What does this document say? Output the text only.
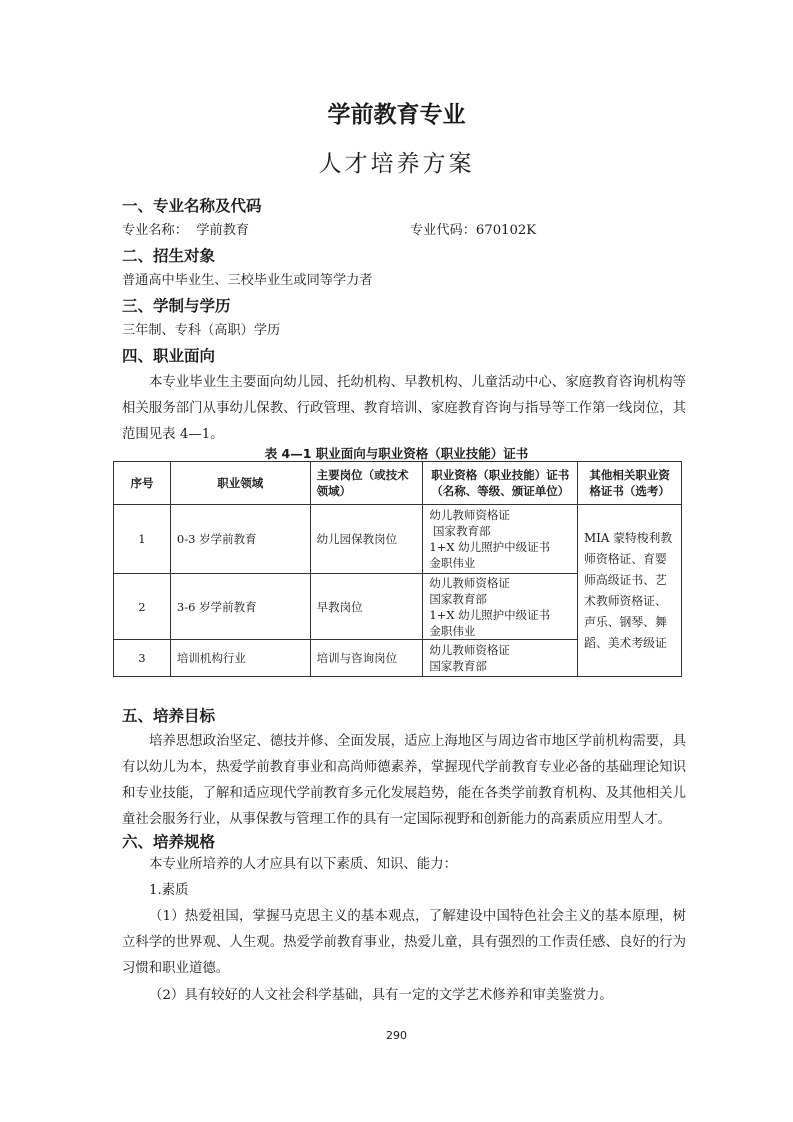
学前教育专业
人才培养方案
一、专业名称及代码
专业名称： 学前教育	专业代码：670102K
二、招生对象
普通高中毕业生、三校毕业生或同等学力者
三、学制与学历
三年制、专科（高职）学历
四、职业面向
本专业毕业生主要面向幼儿园、托幼机构、早教机构、儿童活动中心、家庭教育咨询机构等相关服务部门从事幼儿保教、行政管理、教育培训、家庭教育咨询与指导等工作第一线岗位，其范围见表 4—1。
表 4—1 职业面向与职业资格（职业技能）证书
序号	职业领域	主要岗位（或技术领域）	职业资格（职业技能）证书（名称、等级、颁证单位）	其他相关职业资格证书（选考）
1	0-3 岁学前教育	幼儿园保教岗位	幼儿教师资格证
国家教育部
1+X 幼儿照护中级证书
金职伟业	MIA 蒙特梭利教师资格证、育婴师高级证书、艺术教师资格证、声乐、钢琴、舞蹈、美术考级证
2	3-6 岁学前教育	早教岗位	幼儿教师资格证
国家教育部
1+X 幼儿照护中级证书
金职伟业	

3	培训机构行业	培训与咨询岗位	幼儿教师资格证
国家教育部	
五、培养目标
培养思想政治坚定、德技并修、全面发展，适应上海地区与周边省市地区学前机构需要，具有以幼儿为本，热爱学前教育事业和高尚师德素养，掌握现代学前教育专业必备的基础理论知识和专业技能，了解和适应现代学前教育多元化发展趋势，能在各类学前教育机构、及其他相关儿童社会服务行业，从事保教与管理工作的具有一定国际视野和创新能力的高素质应用型人才。
六、培养规格
本专业所培养的人才应具有以下素质、知识、能力：
1.素质
（1）热爱祖国，掌握马克思主义的基本观点，了解建设中国特色社会主义的基本原理，树立科学的世界观、人生观。热爱学前教育事业，热爱儿童，具有强烈的工作责任感、良好的行为习惯和职业道德。
（2）具有较好的人文社会科学基础，具有一定的文学艺术修养和审美鉴赏力。
290
